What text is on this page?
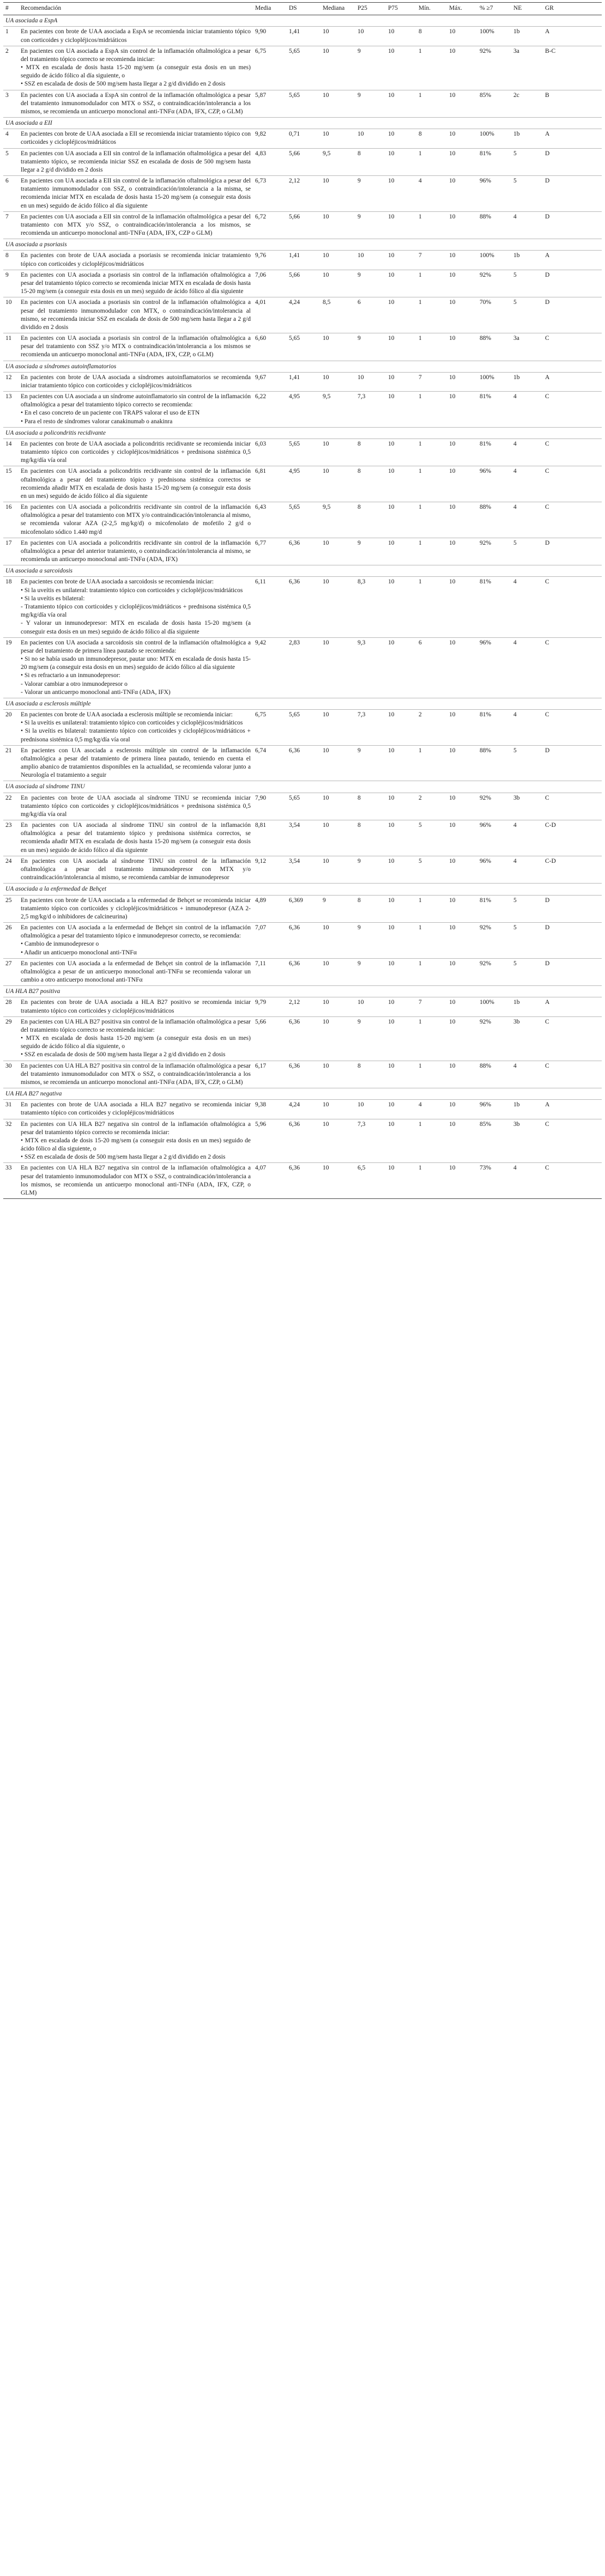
#	Recomendación	Media	DS	Mediana	P25	P75	Mín.	Máx.	% ≥7	NE	GR
UA asociada a EspA											
1	En pacientes con brote de UAA asociada a EspA se recomienda iniciar tratamiento tópico con corticoides y ciclopléjicos/midriáticos	9,90	1,41	10	10	10	8	10	100%	1b	A
2	En pacientes con UA asociada a EspA sin control de la inflamación oftalmológica a pesar del tratamiento tópico correcto se recomienda iniciar:
• MTX en escalada de dosis hasta 15-20 mg/sem (a conseguir esta dosis en un mes) seguido de ácido fólico al día siguiente, o
• SSZ en escalada de dosis de 500 mg/sem hasta llegar a 2 g/d dividido en 2 dosis	6,75	5,65	10	9	10	1	10	92%	3a	B-C
3	En pacientes con UA asociada a EspA sin control de la inflamación oftalmológica a pesar del tratamiento inmunomodulador con MTX o SSZ, o contraindicación/intolerancia a los mismos, se recomienda un anticuerpo monoclonal anti-TNFα (ADA, IFX, CZP, o GLM)	5,87	5,65	10	9	10	1	10	85%	2c	B
UA asociada a EII											
4	En pacientes con brote de UAA asociada a EII se recomienda iniciar tratamiento tópico con corticoides y ciclopléjicos/midriáticos	9,82	0,71	10	10	10	8	10	100%	1b	A
5	En pacientes con UA asociada a EII sin control de la inflamación oftalmológica a pesar del tratamiento tópico, se recomienda iniciar SSZ en escalada de dosis de 500 mg/sem hasta llegar a 2 g/d dividido en 2 dosis	4,83	5,66	9,5	8	10	1	10	81%	5	D
6	En pacientes con UA asociada a EII sin control de la inflamación oftalmológica a pesar del tratamiento inmunomodulador con SSZ, o contraindicación/intolerancia a la misma, se recomienda iniciar MTX en escalada de dosis hasta 15-20 mg/sem (a conseguir esta dosis en un mes) seguido de ácido fólico al día siguiente	6,73	2,12	10	9	10	4	10	96%	5	D
7	En pacientes con UA asociada a EII sin control de la inflamación oftalmológica a pesar del tratamiento con MTX y/o SSZ, o contraindicación/intolerancia a los mismos, se recomienda un anticuerpo monoclonal anti-TNFα (ADA, IFX, CZP o GLM)	6,72	5,66	10	9	10	1	10	88%	4	D
UA asociada a psoriasis											
8	En pacientes con brote de UAA asociada a psoriasis se recomienda iniciar tratamiento tópico con corticoides y ciclopléjicos/midriáticos	9,76	1,41	10	10	10	7	10	100%	1b	A
9	En pacientes con UA asociada a psoriasis sin control de la inflamación oftalmológica a pesar del tratamiento tópico correcto se recomienda iniciar MTX en escalada de dosis hasta 15-20 mg/sem (a conseguir esta dosis en un mes) seguido de ácido fólico al día siguiente	7,06	5,66	10	9	10	1	10	92%	5	D
10	En pacientes con UA asociada a psoriasis sin control de la inflamación oftalmológica a pesar del tratamiento inmunomodulador con MTX, o contraindicación/intolerancia al mismo, se recomienda iniciar SSZ en escalada de dosis de 500 mg/sem hasta llegar a 2 g/d dividido en 2 dosis	4,01	4,24	8,5	6	10	1	10	70%	5	D
11	En pacientes con UA asociada a psoriasis sin control de la inflamación oftalmológica a pesar del tratamiento con SSZ y/o MTX o contraindicación/intolerancia a los mismos se recomienda un anticuerpo monoclonal anti-TNFα (ADA, IFX, CZP, o GLM)	6,60	5,65	10	9	10	1	10	88%	3a	C
UA asociada a síndromes autoinflamatorios											
12	En pacientes con brote de UAA asociada a síndromes autoinflamatorios se recomienda iniciar tratamiento tópico con corticoides y ciclopléjicos/midriáticos	9,67	1,41	10	10	10	7	10	100%	1b	A
13	En pacientes con UA asociada a un síndrome autoinflamatorio sin control de la inflamación oftalmológica a pesar del tratamiento tópico correcto se recomienda:
• En el caso concreto de un paciente con TRAPS valorar el uso de ETN
• Para el resto de síndromes valorar canakinumab o anakinra	6,22	4,95	9,5	7,3	10	1	10	81%	4	C
UA asociada a policondritis recidivante											
14	En pacientes con brote de UAA asociada a policondritis recidivante se recomienda iniciar tratamiento tópico con corticoides y ciclopléjicos/midriáticos + prednisona sistémica 0,5 mg/kg/día vía oral	6,03	5,65	10	8	10	1	10	81%	4	C
15	En pacientes con UA asociada a policondritis recidivante sin control de la inflamación oftalmológica a pesar del tratamiento tópico y prednisona sistémica correctos se recomienda añadir MTX en escalada de dosis hasta 15-20 mg/sem (a conseguir esta dosis en un mes) seguido de ácido fólico al día siguiente	6,81	4,95	10	8	10	1	10	96%	4	C
16	En pacientes con UA asociada a policondritis recidivante sin control de la inflamación oftalmológica a pesar del tratamiento con MTX y/o contraindicación/intolerancia al mismo, se recomienda valorar AZA (2-2,5 mg/kg/d) o micofenolato de mofetilo 2 g/d o micofenolato sódico 1.440 mg/d	6,43	5,65	9,5	8	10	1	10	88%	4	C
17	En pacientes con UA asociada a policondritis recidivante sin control de la inflamación oftalmológica a pesar del anterior tratamiento, o contraindicación/intolerancia al mismo, se recomienda un anticuerpo monoclonal anti-TNFα (ADA, IFX)	6,77	6,36	10	9	10	1	10	92%	5	D
UA asociada a sarcoidosis											
18	En pacientes con brote de UAA asociada a sarcoidosis se recomienda iniciar:
• Si la uveítis es unilateral: tratamiento tópico con corticoides y ciclopléjicos/midriáticos
• Si la uveítis es bilateral:
- Tratamiento tópico con corticoides y ciclopléjicos/midriáticos + prednisona sistémica 0,5 mg/kg/día vía oral
- Y valorar un inmunodepresor: MTX en escalada de dosis hasta 15-20 mg/sem (a conseguir esta dosis en un mes) seguido de ácido fólico al día siguiente	6,11	6,36	10	8,3	10	1	10	81%	4	C
19	En pacientes con UA asociada a sarcoidosis sin control de la inflamación oftalmológica a pesar del tratamiento de primera línea pautado se recomienda:
• Si no se había usado un inmunodepresor, pautar uno: MTX en escalada de dosis hasta 15-20 mg/sem (a conseguir esta dosis en un mes) seguido de ácido fólico al día siguiente
• Si es refractario a un inmunodepresor:
- Valorar cambiar a otro inmunodepresor o
- Valorar un anticuerpo monoclonal anti-TNFα (ADA, IFX)	9,42	2,83	10	9,3	10	6	10	96%	4	C
UA asociada a esclerosis múltiple											
20	En pacientes con brote de UAA asociada a esclerosis múltiple se recomienda iniciar:
• Si la uveítis es unilateral: tratamiento tópico con corticoides y ciclopléjicos/midriáticos
• Si la uveítis es bilateral: tratamiento tópico con corticoides y ciclopléjicos/midriáticos + prednisona sistémica 0,5 mg/kg/día vía oral	6,75	5,65	10	7,3	10	2	10	81%	4	C
21	En pacientes con UA asociada a esclerosis múltiple sin control de la inflamación oftalmológica a pesar del tratamiento de primera línea pautado, teniendo en cuenta el amplio abanico de tratamientos disponibles en la actualidad, se recomienda valorar junto a Neurología el tratamiento a seguir	6,74	6,36	10	9	10	1	10	88%	5	D
UA asociada al síndrome TINU											
22	En pacientes con brote de UAA asociada al síndrome TINU se recomienda iniciar tratamiento tópico con corticoides y ciclopléjicos/midriáticos + prednisona sistémica 0,5 mg/kg/día vía oral	7,90	5,65	10	8	10	2	10	92%	3b	C
23	En pacientes con UA asociada al síndrome TINU sin control de la inflamación oftalmológica a pesar del tratamiento tópico y prednisona sistémica correctos, se recomienda añadir MTX en escalada de dosis hasta 15-20 mg/sem (a conseguir esta dosis en un mes) seguido de ácido fólico al día siguiente	8,81	3,54	10	8	10	5	10	96%	4	C-D
24	En pacientes con UA asociada al síndrome TINU sin control de la inflamación oftalmológica a pesar del tratamiento inmunodepresor con MTX y/o contraindicación/intolerancia al mismo, se recomienda cambiar de inmunodepresor	9,12	3,54	10	9	10	5	10	96%	4	C-D
UA asociada a la enfermedad de Behçet											
25	En pacientes con brote de UAA asociada a la enfermedad de Behçet se recomienda iniciar tratamiento tópico con corticoides y ciclopléjicos/midriáticos + inmunodepresor (AZA 2-2,5 mg/kg/d o inhibidores de calcineurina)	4,89	6,369	9	8	10	1	10	81%	5	D
26	En pacientes con UA asociada a la enfermedad de Behçet sin control de la inflamación oftalmológica a pesar del tratamiento tópico e inmunodepresor correcto, se recomienda:
• Cambio de inmunodepresor o
• Añadir un anticuerpo monoclonal anti-TNFα	7,07	6,36	10	9	10	1	10	92%	5	D
27	En pacientes con UA asociada a la enfermedad de Behçet sin control de la inflamación oftalmológica a pesar de un anticuerpo monoclonal anti-TNFα se recomienda valorar un cambio a otro anticuerpo monoclonal anti-TNFα	7,11	6,36	10	9	10	1	10	92%	5	D
UA HLA B27 positiva											
28	En pacientes con brote de UAA asociada a HLA B27 positivo se recomienda iniciar tratamiento tópico con corticoides y ciclopléjicos/midriáticos	9,79	2,12	10	10	10	7	10	100%	1b	A
29	En pacientes con UA HLA B27 positiva sin control de la inflamación oftalmológica a pesar del tratamiento tópico correcto se recomienda iniciar:
• MTX en escalada de dosis hasta 15-20 mg/sem (a conseguir esta dosis en un mes) seguido de ácido fólico al día siguiente, o
• SSZ en escalada de dosis de 500 mg/sem hasta llegar a 2 g/d dividido en 2 dosis	5,66	6,36	10	9	10	1	10	92%	3b	C
30	En pacientes con UA HLA B27 positiva sin control de la inflamación oftalmológica a pesar del tratamiento inmunomodulador con MTX o SSZ, o contraindicación/intolerancia a los mismos, se recomienda un anticuerpo monoclonal anti-TNFα (ADA, IFX, CZP, o GLM)	6,17	6,36	10	8	10	1	10	88%	4	C
UA HLA B27 negativa											
31	En pacientes con brote de UAA asociada a HLA B27 negativo se recomienda iniciar tratamiento tópico con corticoides y ciclopléjicos/midriáticos	9,38	4,24	10	10	10	4	10	96%	1b	A
32	En pacientes con UA HLA B27 negativa sin control de la inflamación oftalmológica a pesar del tratamiento tópico correcto se recomienda iniciar:
• MTX en escalada de dosis 15-20 mg/sem (a conseguir esta dosis en un mes) seguido de ácido fólico al día siguiente, o
• SSZ en escalada de dosis de 500 mg/sem hasta llegar a 2 g/d dividido en 2 dosis	5,96	6,36	10	7,3	10	1	10	85%	3b	C
33	En pacientes con UA HLA B27 negativa sin control de la inflamación oftalmológica a pesar del tratamiento inmunomodulador con MTX o SSZ, o contraindicación/intolerancia a los mismos, se recomienda un anticuerpo monoclonal anti-TNFα (ADA, IFX, CZP, o GLM)	4,07	6,36	10	6,5	10	1	10	73%	4	C
